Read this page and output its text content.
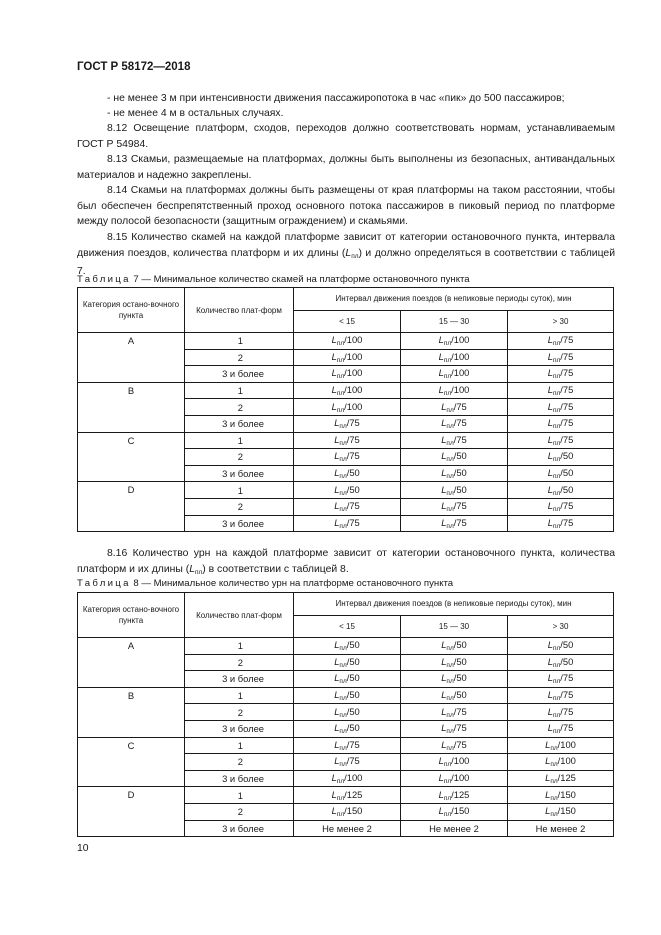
ГОСТ Р 58172—2018
- не менее 3 м при интенсивности движения пассажиропотока в час «пик» до 500 пассажиров;
- не менее 4 м в остальных случаях.
8.12 Освещение платформ, сходов, переходов должно соответствовать нормам, устанавливаемым ГОСТ Р 54984.
8.13 Скамьи, размещаемые на платформах, должны быть выполнены из безопасных, антивандальных материалов и надежно закреплены.
8.14 Скамьи на платформах должны быть размещены от края платформы на таком расстоянии, чтобы был обеспечен беспрепятственный проход основного потока пассажиров в пиковый период по платформе между полосой безопасности (защитным ограждением) и скамьями.
8.15 Количество скамей на каждой платформе зависит от категории остановочного пункта, интервала движения поездов, количества платформ и их длины $(L_{пл})$ и должно определяться в соответствии с таблицей 7.
Таблица 7 — Минимальное количество скамей на платформе остановочного пункта
Категория остано-вочного пункта	Количество плат-форм	Интервал движения поездов (в непиковые периоды суток), мин		
		< 15	15 — 30	> 30
А	1	$L_{пл}/100$	$L_{пл}/100$	$L_{пл}/75$
	2	$L_{пл}/100$	$L_{пл}/100$	$L_{пл}/75$
	3 и более	$L_{пл}/100$	$L_{пл}/100$	$L_{пл}/75$
В	1	$L_{пл}/100$	$L_{пл}/100$	$L_{пл}/75$
	2	$L_{пл}/100$	$L_{пл}/75$	$L_{пл}/75$
	3 и более	$L_{пл}/75$	$L_{пл}/75$	$L_{пл}/75$
С	1	$L_{пл}/75$	$L_{пл}/75$	$L_{пл}/75$
	2	$L_{пл}/75$	$L_{пл}/50$	$L_{пл}/50$
	3 и более	$L_{пл}/50$	$L_{пл}/50$	$L_{пл}/50$
D	1	$L_{пл}/50$	$L_{пл}/50$	$L_{пл}/50$
	2	$L_{пл}/75$	$L_{пл}/75$	$L_{пл}/75$
	3 и более	$L_{пл}/75$	$L_{пл}/75$	$L_{пл}/75$
8.16 Количество урн на каждой платформе зависит от категории остановочного пункта, количества платформ и их длины $(L_{пл})$ в соответствии с таблицей 8.
Таблица 8 — Минимальное количество урн на платформе остановочного пункта
Категория остано-вочного пункта	Количество плат-форм	Интервал движения поездов (в непиковые периоды суток), мин		
		< 15	15 — 30	> 30
А	1	$L_{пл}/50$	$L_{пл}/50$	$L_{пл}/50$
	2	$L_{пл}/50$	$L_{пл}/50$	$L_{пл}/50$
	3 и более	$L_{пл}/50$	$L_{пл}/50$	$L_{пл}/75$
В	1	$L_{пл}/50$	$L_{пл}/50$	$L_{пл}/75$
	2	$L_{пл}/50$	$L_{пл}/75$	$L_{пл}/75$
	3 и более	$L_{пл}/50$	$L_{пл}/75$	$L_{пл}/75$
С	1	$L_{пл}/75$	$L_{пл}/75$	$L_{пл}/100$
	2	$L_{пл}/75$	$L_{пл}/100$	$L_{пл}/100$
	3 и более	$L_{пл}/100$	$L_{пл}/100$	$L_{пл}/125$
D	1	$L_{пл}/125$	$L_{пл}/125$	$L_{пл}/150$
	2	$L_{пл}/150$	$L_{пл}/150$	$L_{пл}/150$
	3 и более	Не менее 2	Не менее 2	Не менее 2
10
